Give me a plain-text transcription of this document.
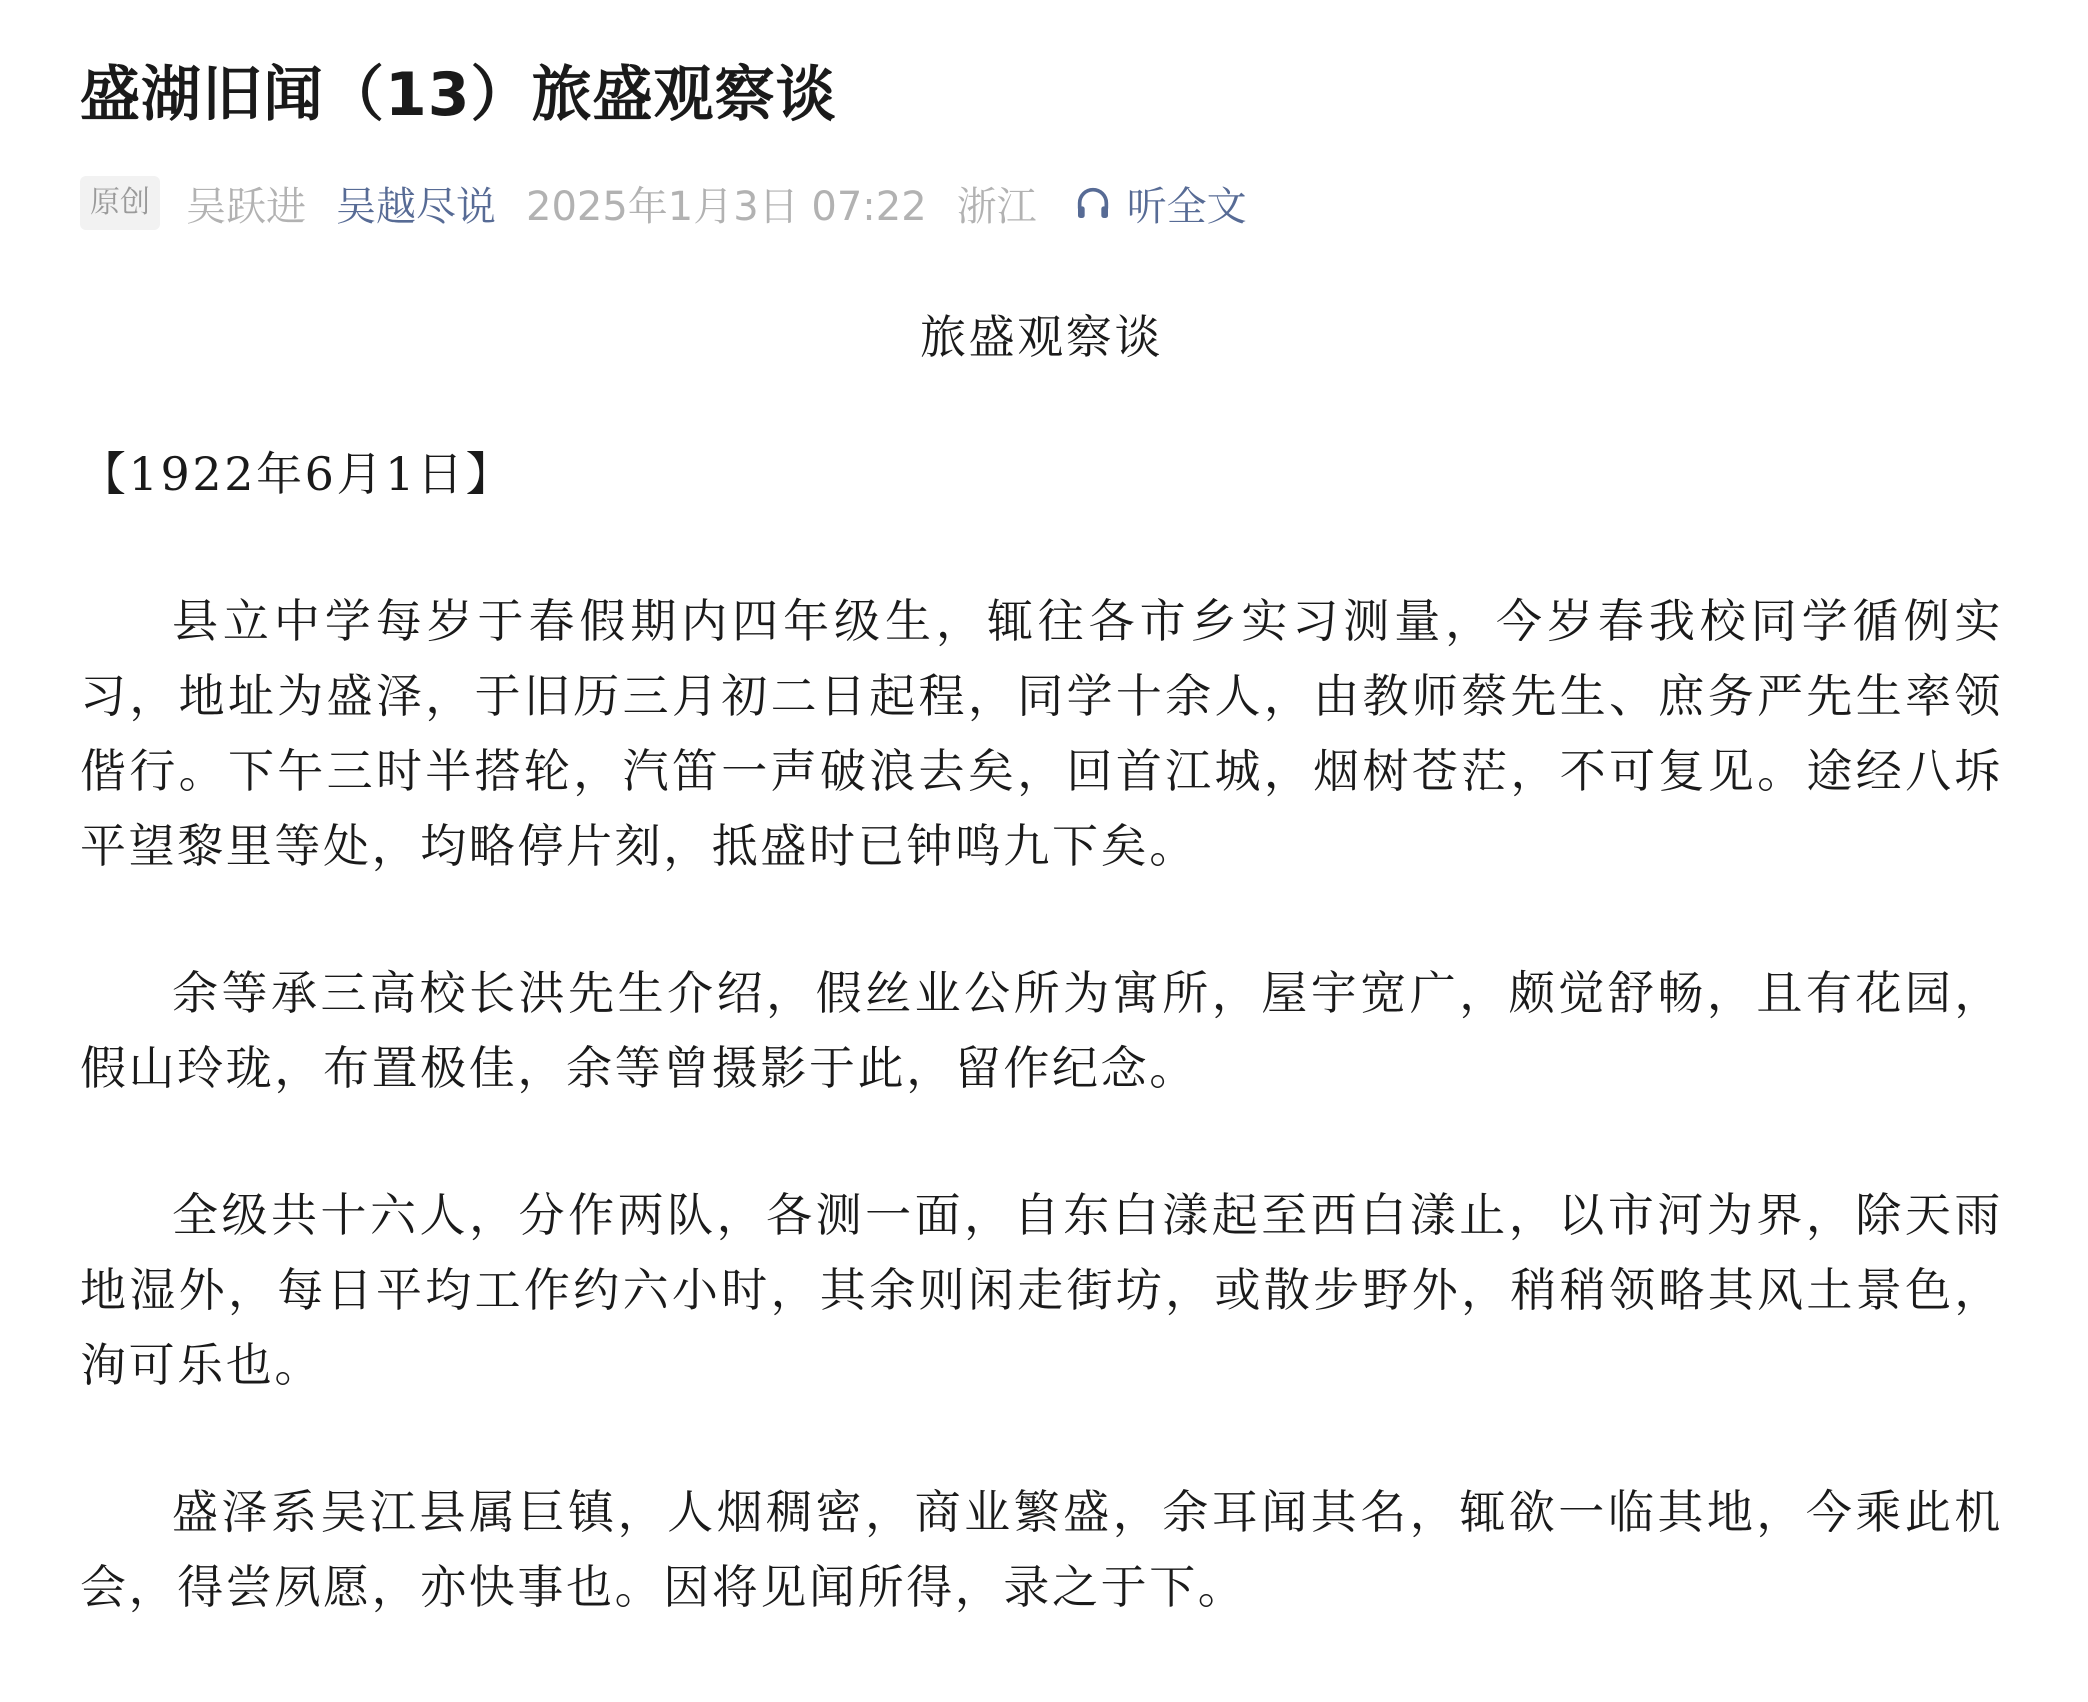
盛湖旧闻（13）旅盛观察谈
原创 吴跃进 吴越尽说 2025年1月3日 07:22 浙江 听全文

旅盛观察谈

【1922年6月1日】

县立中学每岁于春假期内四年级生，辄往各市乡实习测量，今岁春我校同学循例实习，地址为盛泽，于旧历三月初二日起程，同学十余人，由教师蔡先生、庶务严先生率领偕行。下午三时半搭轮，汽笛一声破浪去矣，回首江城，烟树苍茫，不可复见。途经八坼平望黎里等处，均略停片刻，抵盛时已钟鸣九下矣。

余等承三高校长洪先生介绍，假丝业公所为寓所，屋宇宽广，颇觉舒畅，且有花园，假山玲珑，布置极佳，余等曾摄影于此，留作纪念。

全级共十六人，分作两队，各测一面，自东白漾起至西白漾止，以市河为界，除天雨地湿外，每日平均工作约六小时，其余则闲走街坊，或散步野外，稍稍领略其风土景色，洵可乐也。

盛泽系吴江县属巨镇，人烟稠密，商业繁盛，余耳闻其名，辄欲一临其地，今乘此机会，得尝夙愿，亦快事也。因将见闻所得，录之于下。
